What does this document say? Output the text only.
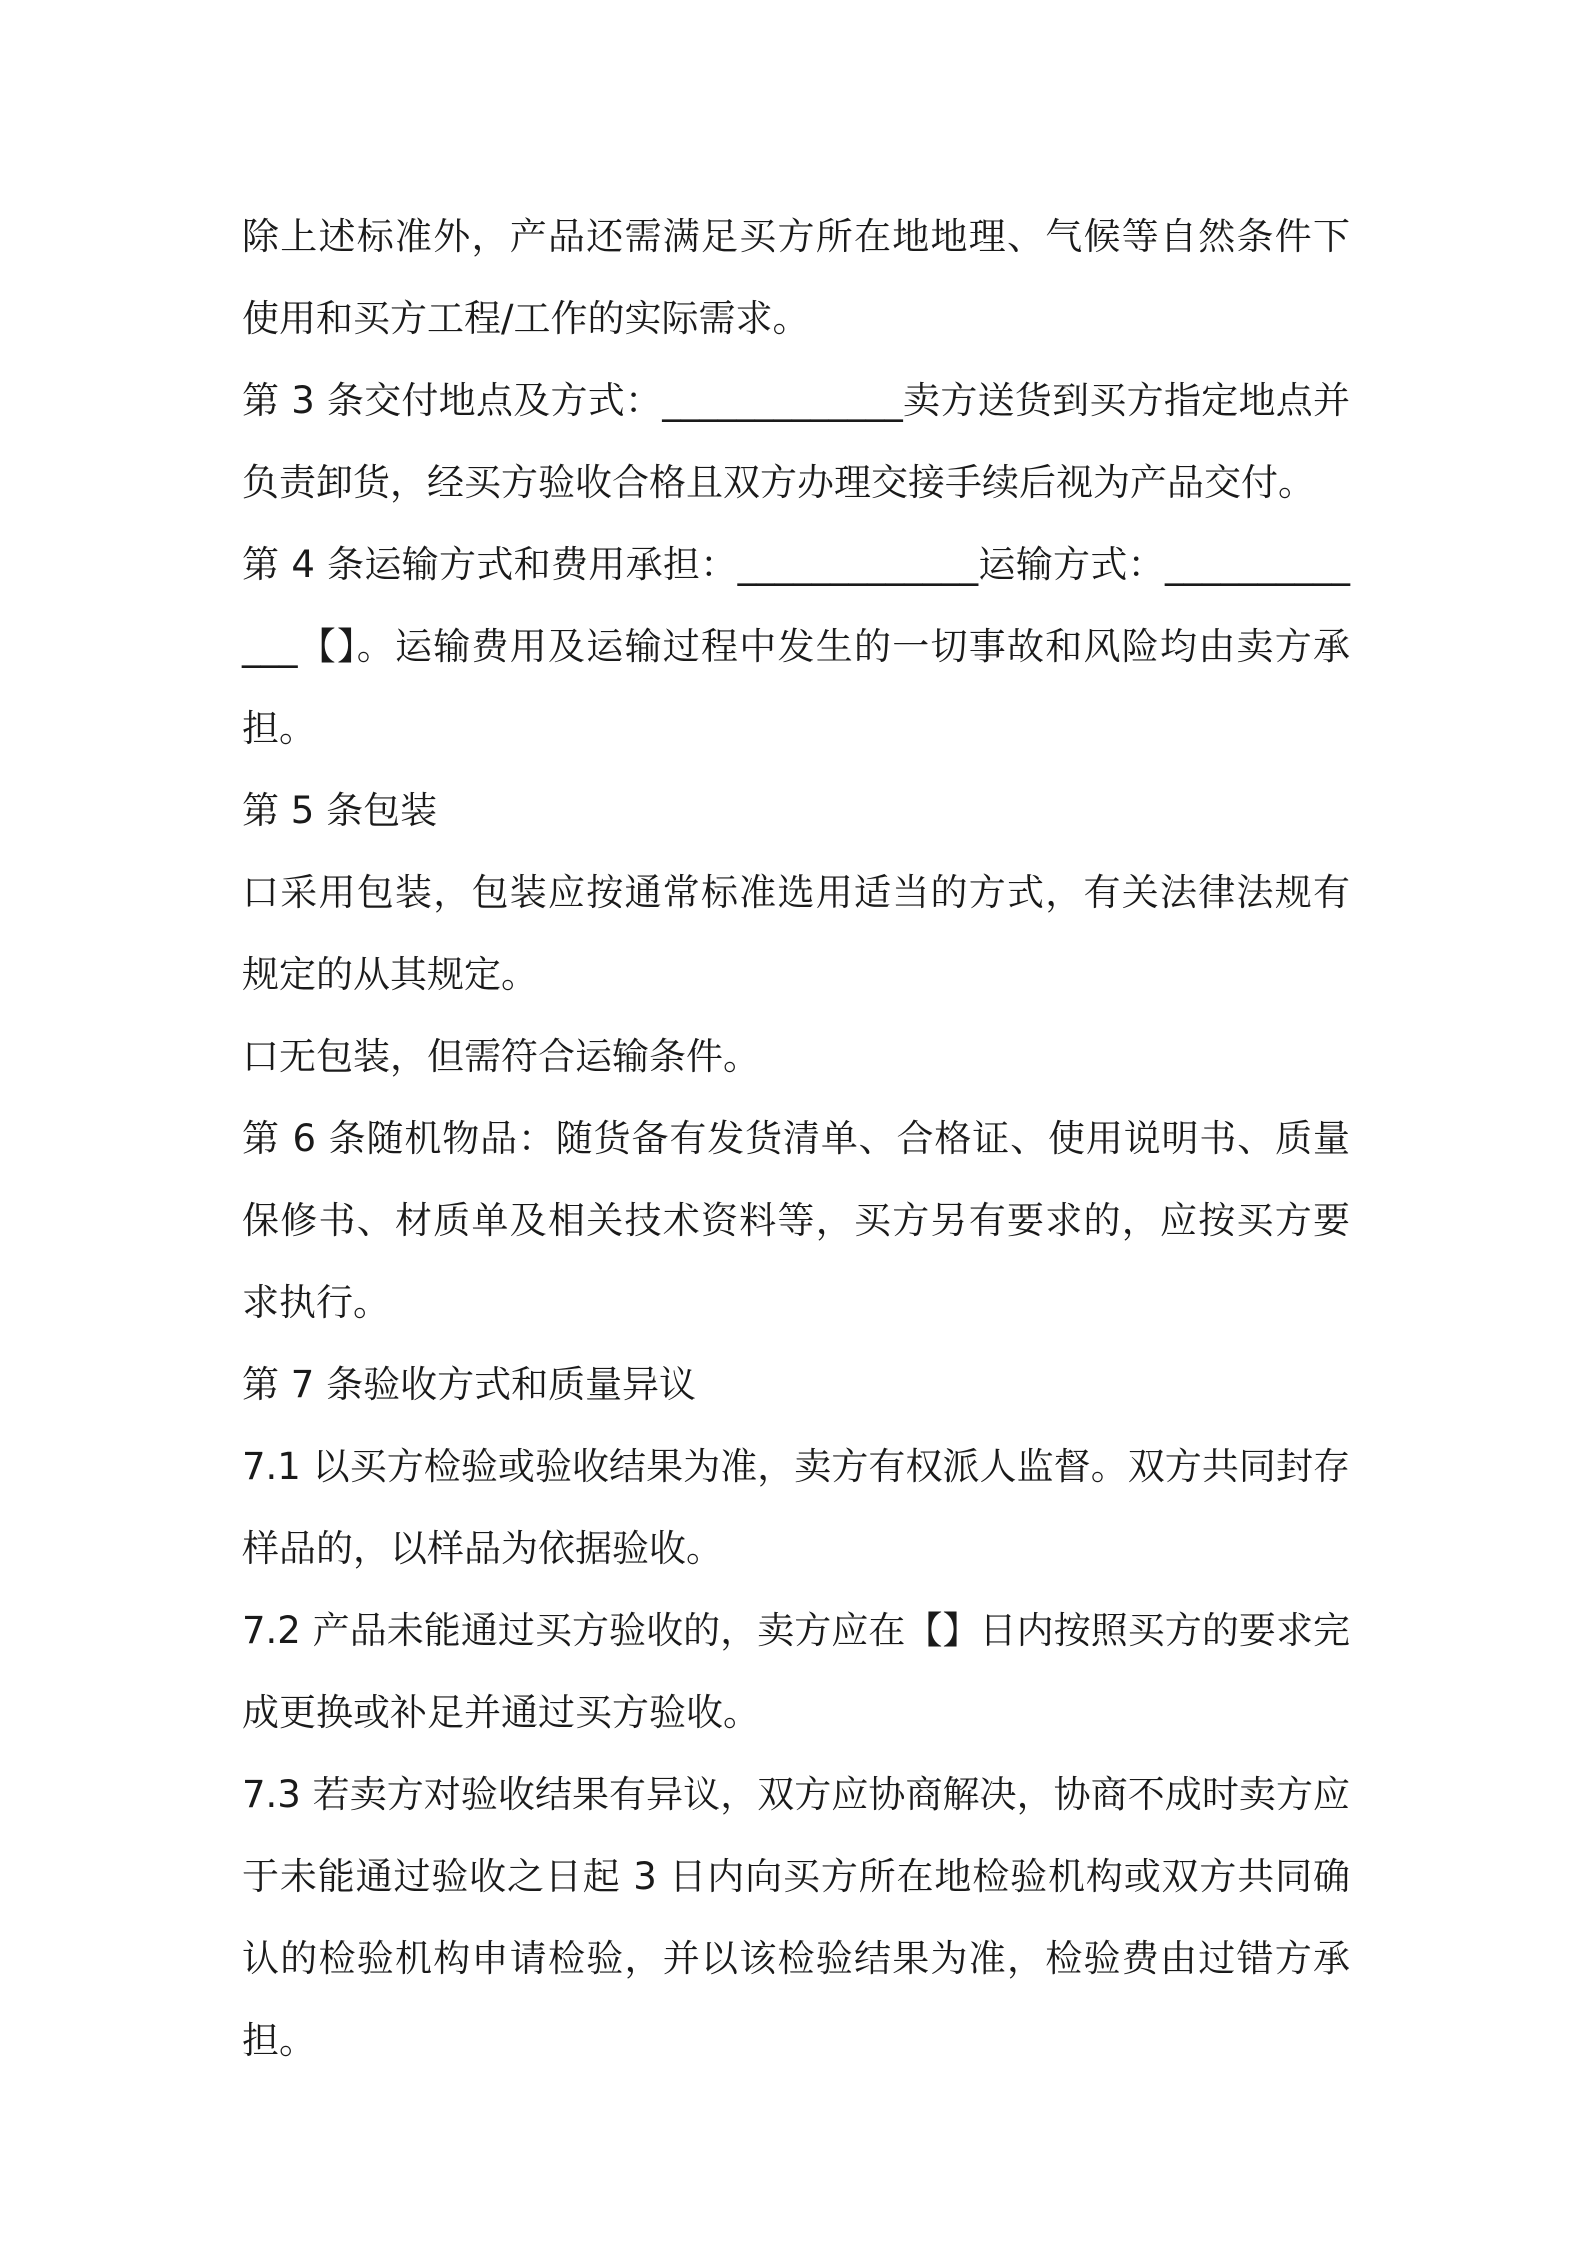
除上述标准外，产品还需满足买方所在地地理、气候等自然条件下使用和买方工程/工作的实际需求。

第 3 条交付地点及方式：_____________卖方送货到买方指定地点并负责卸货，经买方验收合格且双方办理交接手续后视为产品交付。

第 4 条运输方式和费用承担：_____________运输方式：_____________【】。运输费用及运输过程中发生的一切事故和风险均由卖方承担。

第 5 条包装

口采用包装，包装应按通常标准选用适当的方式，有关法律法规有规定的从其规定。

口无包装，但需符合运输条件。

第 6 条随机物品：随货备有发货清单、合格证、使用说明书、质量保修书、材质单及相关技术资料等，买方另有要求的，应按买方要求执行。

第 7 条验收方式和质量异议

7.1 以买方检验或验收结果为准，卖方有权派人监督。双方共同封存样品的，以样品为依据验收。

7.2 产品未能通过买方验收的，卖方应在【】日内按照买方的要求完成更换或补足并通过买方验收。

7.3 若卖方对验收结果有异议，双方应协商解决，协商不成时卖方应于未能通过验收之日起 3 日内向买方所在地检验机构或双方共同确认的检验机构申请检验，并以该检验结果为准，检验费由过错方承担。
